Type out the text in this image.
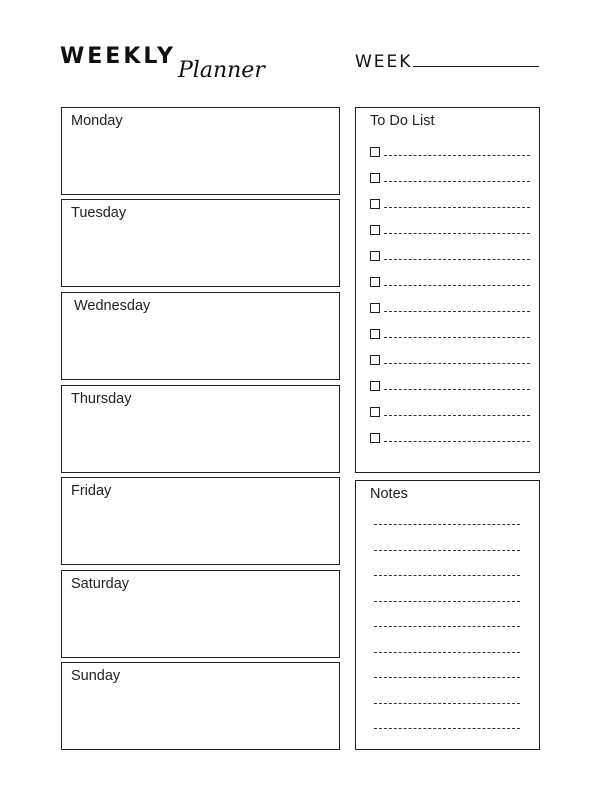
WEEKLY
Planner	WEEK
Monday
Tuesday
Wednesday
Thursday
Friday
Saturday
Sunday
To Do List
Notes
